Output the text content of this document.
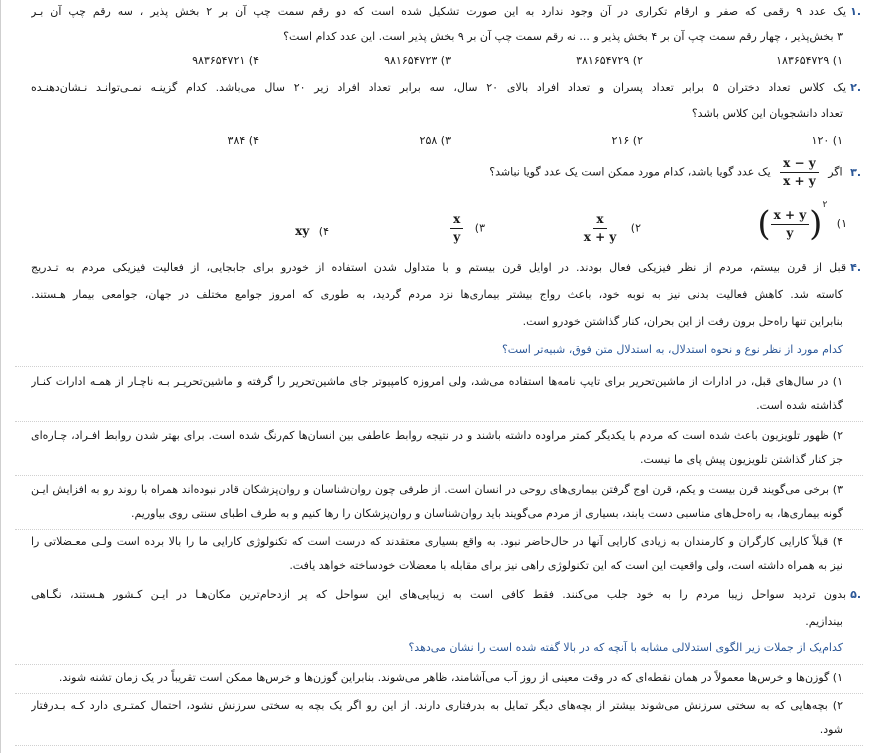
.۱یک عدد ۹ رقمی که صفر و ارقام تکراری در آن وجود ندارد به این صورت تشکیل شده است که دو رقم سمت چپ آن بر ۲ بخش پذیر ، سه رقم چپ آن بـر
۳ بخش‌پذیر ، چهار رقم سمت چپ آن بر ۴ بخش پذیر و ... نه رقم سمت چپ آن بر ۹ بخش پذیر است. این عدد کدام است؟
۱) ۱۸۳۶۵۴۷۲۹
۲) ۳۸۱۶۵۴۷۲۹
۳) ۹۸۱۶۵۴۷۲۳
۴) ۹۸۳۶۵۴۷۲۱
.۲یک کلاس تعداد دختران ۵ برابر تعداد پسران و تعداد افراد بالای ۲۰ سال، سه برابر تعداد افراد زیر ۲۰ سال می‌باشد. کدام گزینـه نمـی‌توانـد نـشان‌دهنـده
تعداد دانشجویان این کلاس باشد؟
۱) ۱۲۰
۲) ۲۱۶
۳) ۲۵۸
۴) ۳۸۴
.۳ اگر
$\frac{x - y}{x + y}$
یک عدد گویا باشد، کدام مورد ممکن است یک عدد گویا نباشد؟
۱) ( $\frac{x + y}{y} )^۲$
۲)
$\frac{x}{x + y}$
۳)
$\frac{x}{y}$
۴) xy
.۴قبل از قرن بیستم، مردم از نظر فیزیکی فعال بودند. در اوایل قرن بیستم و با متداول شدن استفاده از خودرو برای جابجایی، از فعالیت فیزیکی مردم به تـدریج
کاسته شد. کاهش فعالیت بدنی نیز به نوبه خود، باعث رواج بیشتر بیماری‌ها نزد مردم گردید، به طوری که امروز جوامع مختلف در جهان، جوامعی بیمار هـستند.
بنابراین تنها راه‌حل برون رفت از این بحران، کنار گذاشتن خودرو است.
کدام مورد از نظر نوع و نحوه استدلال، به استدلال متن فوق، شبیه‌تر است؟
۱) در سال‌های قبل، در ادارات از ماشین‌تحریر برای تایپ نامه‌ها استفاده می‌شد، ولی امروزه کامپیوتر جای ماشین‌تحریر را گرفته و ماشین‌تحریـر بـه ناچـار از همـه ادارات کنـار
گذاشته شده است.
۲) ظهور تلویزیون باعث شده است که مردم با یکدیگر کمتر مراوده داشته باشند و در نتیجه روابط عاطفی بین انسان‌ها کم‌رنگ شده است. برای بهتر شدن روابط افـراد، چـاره‌ای
جز کنار گذاشتن تلویزیون پیش پای ما نیست.
۳) برخی می‌گویند قرن بیست و یکم، قرن اوج گرفتن بیماری‌های روحی در انسان است. از طرفی چون روان‌شناسان و روان‌پزشکان قادر نبوده‌اند همراه با روند رو به افزایش ایـن
گونه بیماری‌ها، به راه‌حل‌های مناسبی دست یابند، بسیاری از مردم می‌گویند باید روان‌شناسان و روان‌پزشکان را رها کنیم و به طرف اطبای سنتی روی بیاوریم.
۴) قبلاً کارایی کارگران و کارمندان به زیادی کارایی آنها در حال‌حاضر نبود. به واقع بسیاری معتقدند که درست است که تکنولوژی کارایی ما را بالا برده است ولـی معـضلاتی را
نیز به همراه داشته است، ولی واقعیت این است که این تکنولوژی راهی نیز برای مقابله با معضلات خودساخته خواهد یافت.
.۵بدون تردید سواحل زیبا مردم را به خود جلب می‌کنند. فقط کافی است به زیبایی‌های این سواحل که پر ازدحام‌ترین مکان‌هـا در ایـن کـشور هـستند، نگـاهی
بیندازیم.
کدام‌یک از جملات زیر الگوی استدلالی مشابه با آنچه که در بالا گفته شده است را نشان می‌دهد؟
۱) گوزن‌ها و خرس‌ها معمولاً در همان نقطه‌ای که در وقت معینی از روز آب می‌آشامند، ظاهر می‌شوند. بنابراین گوزن‌ها و خرس‌ها ممکن است تقریباً در یک زمان تشنه شوند.
۲) بچه‌هایی که به سختی سرزنش می‌شوند بیشتر از بچه‌های دیگر تمایل به بدرفتاری دارند. از این رو اگر یک بچه به سختی سرزنش نشود، احتمال کمتـری دارد کـه بـدرفتار
شود.
